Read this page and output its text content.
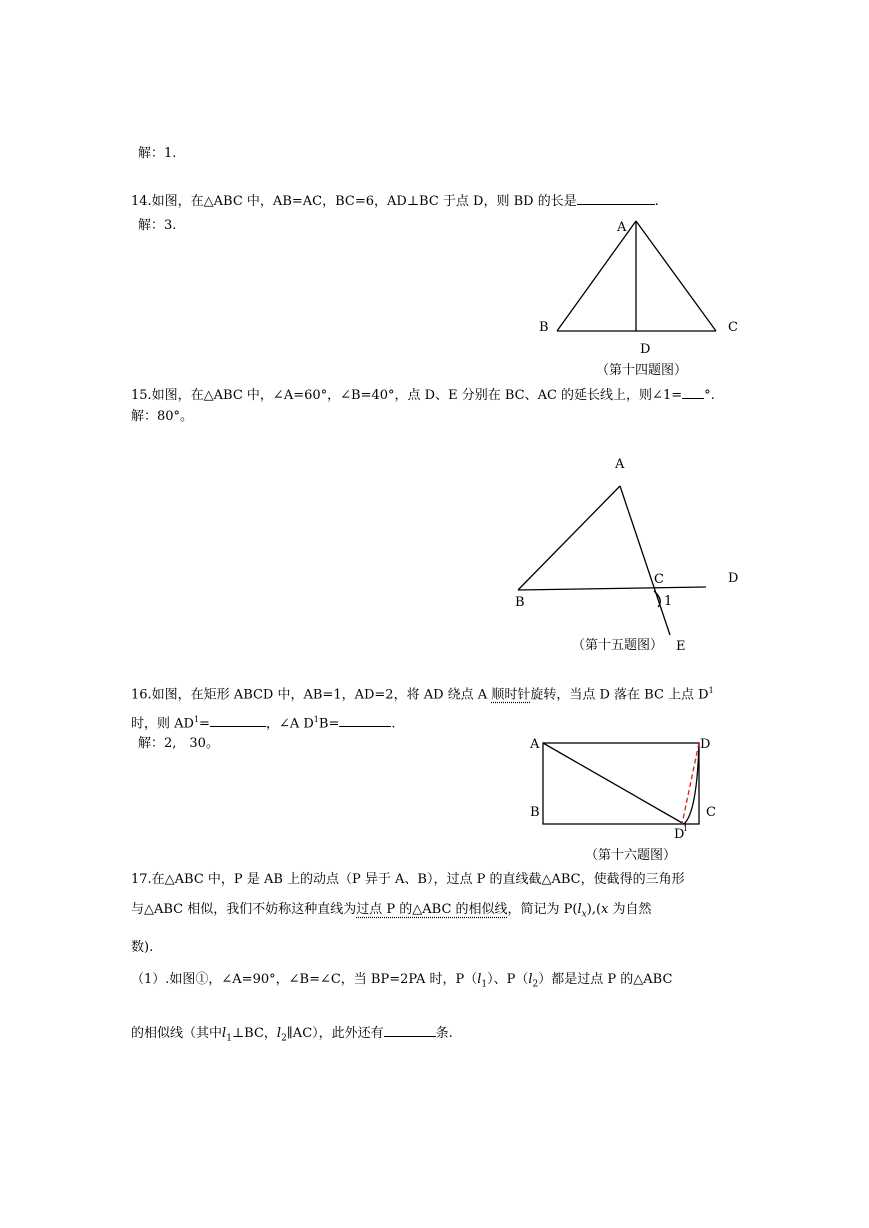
解：1.
14.如图，在△ABC 中，AB=AC，BC=6，AD⊥BC 于点 D，则 BD 的长是	.
解：3.	A
B	C
D
（第十四题图）
15.如图，在△ABC 中，∠A=60°，∠B=40°，点 D、E 分别在 BC、AC 的延长线上，则∠1= °.
解：80°。
A
B
C	D
1
E
（第十五题图）
16.如图，在矩形 ABCD 中，AB=1，AD=2，将 AD 绕点 A 顺时针旋转，当点 D 落在 BC 上点 $D^1$
时，则 $AD^1=$	，∠A $D^1B=$	.
解：2,　30。	A	D
B	C
D
1
（第十六题图）
17.在△ABC 中，P 是 AB 上的动点（P 异于 A、B），过点 P 的直线截△ABC，使截得的三角形
与△ABC 相似，我们不妨称这种直线为过点 P 的△ABC 的相似线，简记为 $P(l_x),(x$ 为自然
数).
（1）.如图①，∠A=90°，∠B=∠C，当 BP=2PA 时，$P(l_1)$、$P(l_2)$都是过点 P 的△ABC
的相似线（其中$l_1\perp BC$，$l_2\parallel AC$），此外还有	条.
